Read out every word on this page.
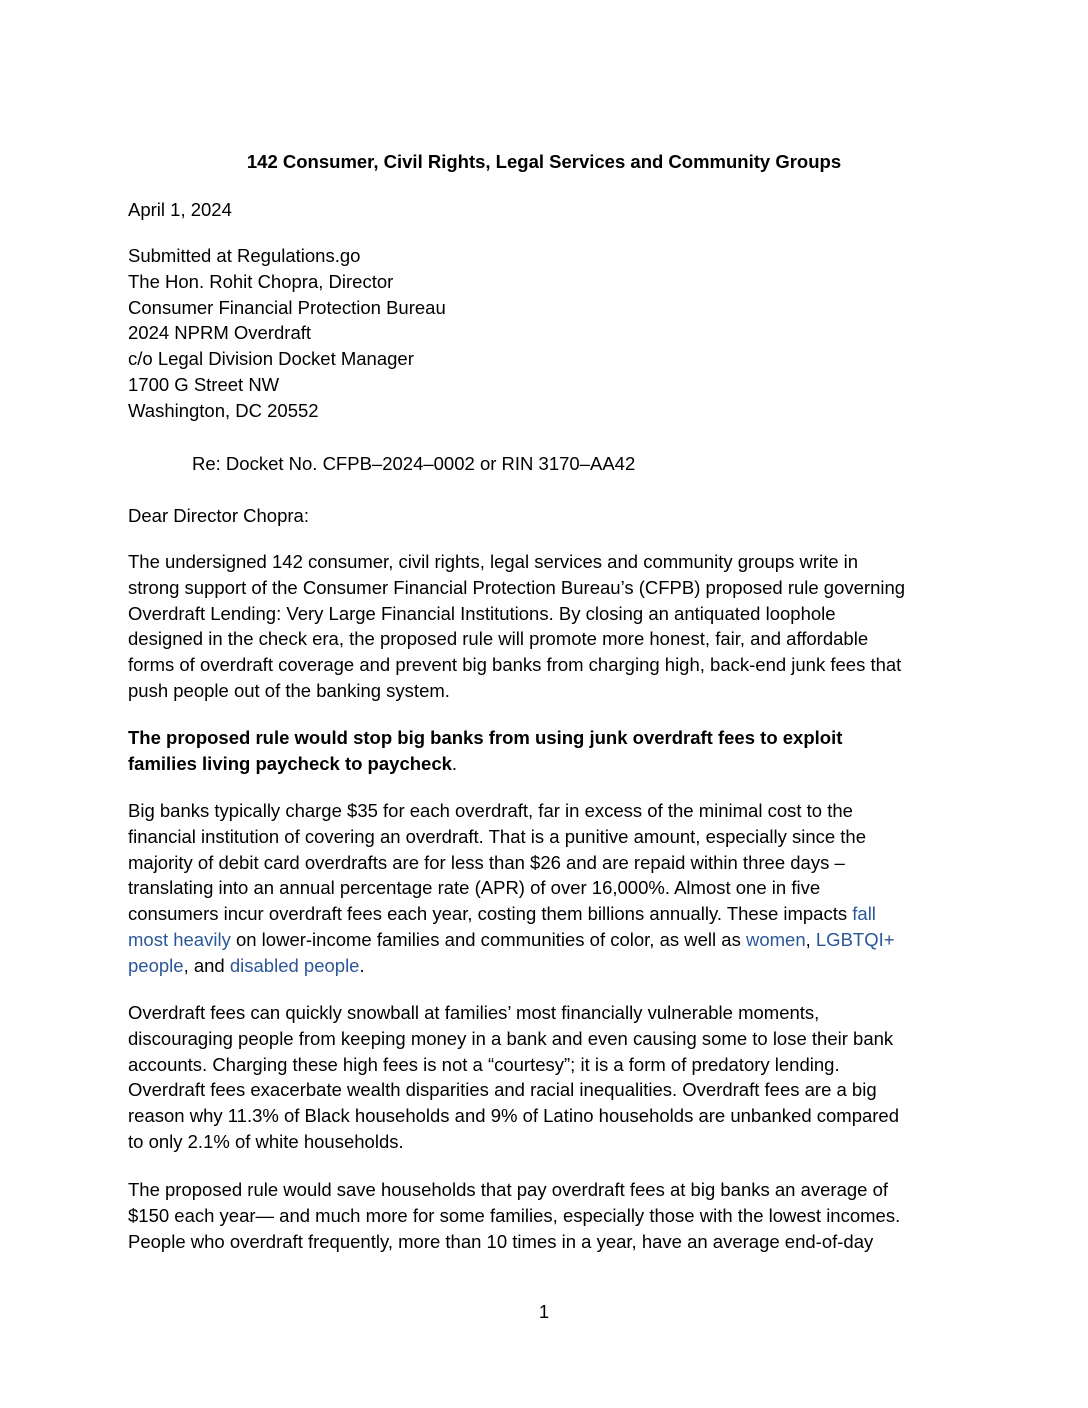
142 Consumer, Civil Rights, Legal Services and Community Groups

April 1, 2024

Submitted at Regulations.go
The Hon. Rohit Chopra, Director
Consumer Financial Protection Bureau
2024 NPRM Overdraft
c/o Legal Division Docket Manager
1700 G Street NW
Washington, DC 20552

Re: Docket No. CFPB–2024–0002 or RIN 3170–AA42

Dear Director Chopra:

The undersigned 142 consumer, civil rights, legal services and community groups write in
strong support of the Consumer Financial Protection Bureau’s (CFPB) proposed rule governing
Overdraft Lending: Very Large Financial Institutions. By closing an antiquated loophole
designed in the check era, the proposed rule will promote more honest, fair, and affordable
forms of overdraft coverage and prevent big banks from charging high, back-end junk fees that
push people out of the banking system.
The proposed rule would stop big banks from using junk overdraft fees to exploit
families living paycheck to paycheck.
Big banks typically charge $35 for each overdraft, far in excess of the minimal cost to the
financial institution of covering an overdraft. That is a punitive amount, especially since the
majority of debit card overdrafts are for less than $26 and are repaid within three days –
translating into an annual percentage rate (APR) of over 16,000%. Almost one in five
consumers incur overdraft fees each year, costing them billions annually. These impacts fall
most heavily on lower-income families and communities of color, as well as women, LGBTQI+
people, and disabled people.
Overdraft fees can quickly snowball at families’ most financially vulnerable moments,
discouraging people from keeping money in a bank and even causing some to lose their bank
accounts. Charging these high fees is not a “courtesy”; it is a form of predatory lending.
Overdraft fees exacerbate wealth disparities and racial inequalities. Overdraft fees are a big
reason why 11.3% of Black households and 9% of Latino households are unbanked compared
to only 2.1% of white households.
The proposed rule would save households that pay overdraft fees at big banks an average of
$150 each year— and much more for some families, especially those with the lowest incomes.
People who overdraft frequently, more than 10 times in a year, have an average end-of-day
1
